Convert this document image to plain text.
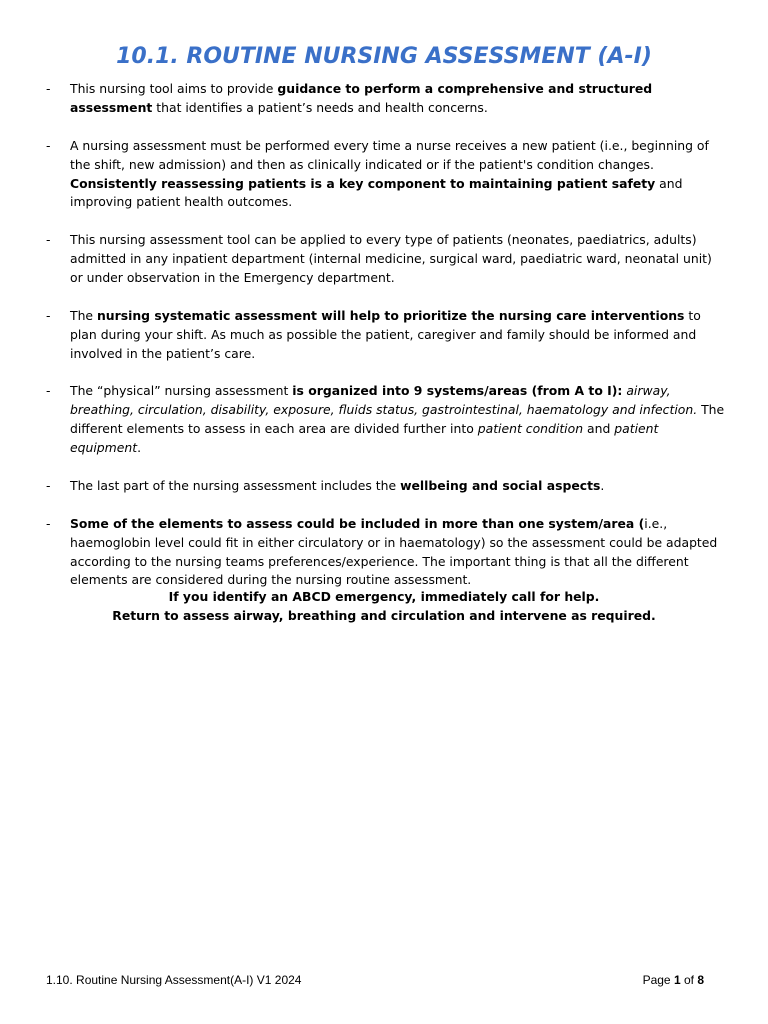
10.1. ROUTINE NURSING ASSESSMENT (A-I)
- This nursing tool aims to provide guidance to perform a comprehensive and structured assessment that identifies a patient’s needs and health concerns.
- A nursing assessment must be performed every time a nurse receives a new patient (i.e., beginning of the shift, new admission) and then as clinically indicated or if the patient's condition changes. Consistently reassessing patients is a key component to maintaining patient safety and improving patient health outcomes.
- This nursing assessment tool can be applied to every type of patients (neonates, paediatrics, adults) admitted in any inpatient department (internal medicine, surgical ward, paediatric ward, neonatal unit) or under observation in the Emergency department.
- The nursing systematic assessment will help to prioritize the nursing care interventions to plan during your shift. As much as possible the patient, caregiver and family should be informed and involved in the patient’s care.
- The “physical” nursing assessment is organized into 9 systems/areas (from A to I): airway, breathing, circulation, disability, exposure, fluids status, gastrointestinal, haematology and infection. The different elements to assess in each area are divided further into patient condition and patient equipment.
- The last part of the nursing assessment includes the wellbeing and social aspects.
- Some of the elements to assess could be included in more than one system/area (i.e., haemoglobin level could fit in either circulatory or in haematology) so the assessment could be adapted according to the nursing teams preferences/experience. The important thing is that all the different elements are considered during the nursing routine assessment.
If you identify an ABCD emergency, immediately call for help.
Return to assess airway, breathing and circulation and intervene as required.
1.10. Routine Nursing Assessment(A-I) V1 2024	Page 1 of 8
